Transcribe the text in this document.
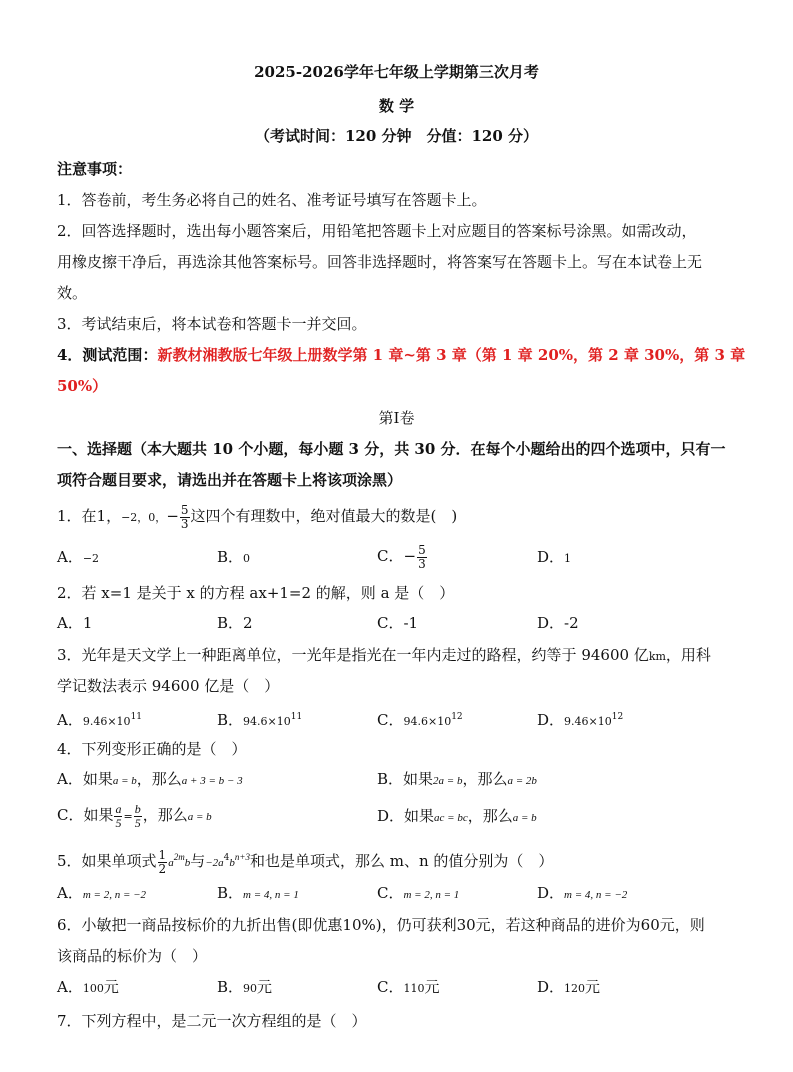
2025-2026学年七年级上学期第三次月考
数 学
（考试时间：120 分钟　分值：120 分）
注意事项：
1．答卷前，考生务必将自己的姓名、准考证号填写在答题卡上。
2．回答选择题时，选出每小题答案后，用铅笔把答题卡上对应题目的答案标号涂黑。如需改动，
用橡皮擦干净后，再选涂其他答案标号。回答非选择题时，将答案写在答题卡上。写在本试卷上无
效。
3．考试结束后，将本试卷和答题卡一并交回。
4．测试范围：新教材湘教版七年级上册数学第 1 章~第 3 章（第 1 章 20%，第 2 章 30%，第 3 章
50%）
第Ⅰ卷
一、选择题（本大题共 10 个小题，每小题 3 分，共 30 分．在每个小题给出的四个选项中，只有一
项符合题目要求，请选出并在答题卡上将该项涂黑）
1．在1，−2，0，− $\frac{5}{3}$ 这四个有理数中，绝对值最大的数是(　)
A．−2	B．0	C．− $\frac{5}{3}$	D．1
2．若 x=1 是关于 x 的方程 ax+1=2 的解，则 a 是（　）
A．1	B．2	C．-1	D．-2
3．光年是天文学上一种距离单位，一光年是指光在一年内走过的路程，约等于 94600 亿km，用科
学记数法表示 94600 亿是（　）
A．$9.46\times 10^{11}$	B．$94.6\times 10^{11}$	C．$94.6\times 10^{12}$	D．$9.46\times 10^{12}$
4．下列变形正确的是（　）
A．如果a = b，那么a + 3 = b − 3	B．如果2a = b，那么a = 2b
C．如果 $\frac{a}{5} = \frac{b}{5}$ ，那么a = b	D．如果ac = bc，那么a = b
5．如果单项式 $\frac{1}{2} a^{2m}b$与$-2a^4b^{n+3}$和也是单项式，那么 m、n 的值分别为（　）
A．m = 2, n = −2	B．m = 4, n = 1	C．m = 2, n = 1	D．m = 4, n = −2
6．小敏把一商品按标价的九折出售(即优惠10%)，仍可获利30元，若这种商品的进价为60元，则
该商品的标价为（　）
A．100元	B．90元	C．110元	D．120元
7．下列方程中，是二元一次方程组的是（　）
